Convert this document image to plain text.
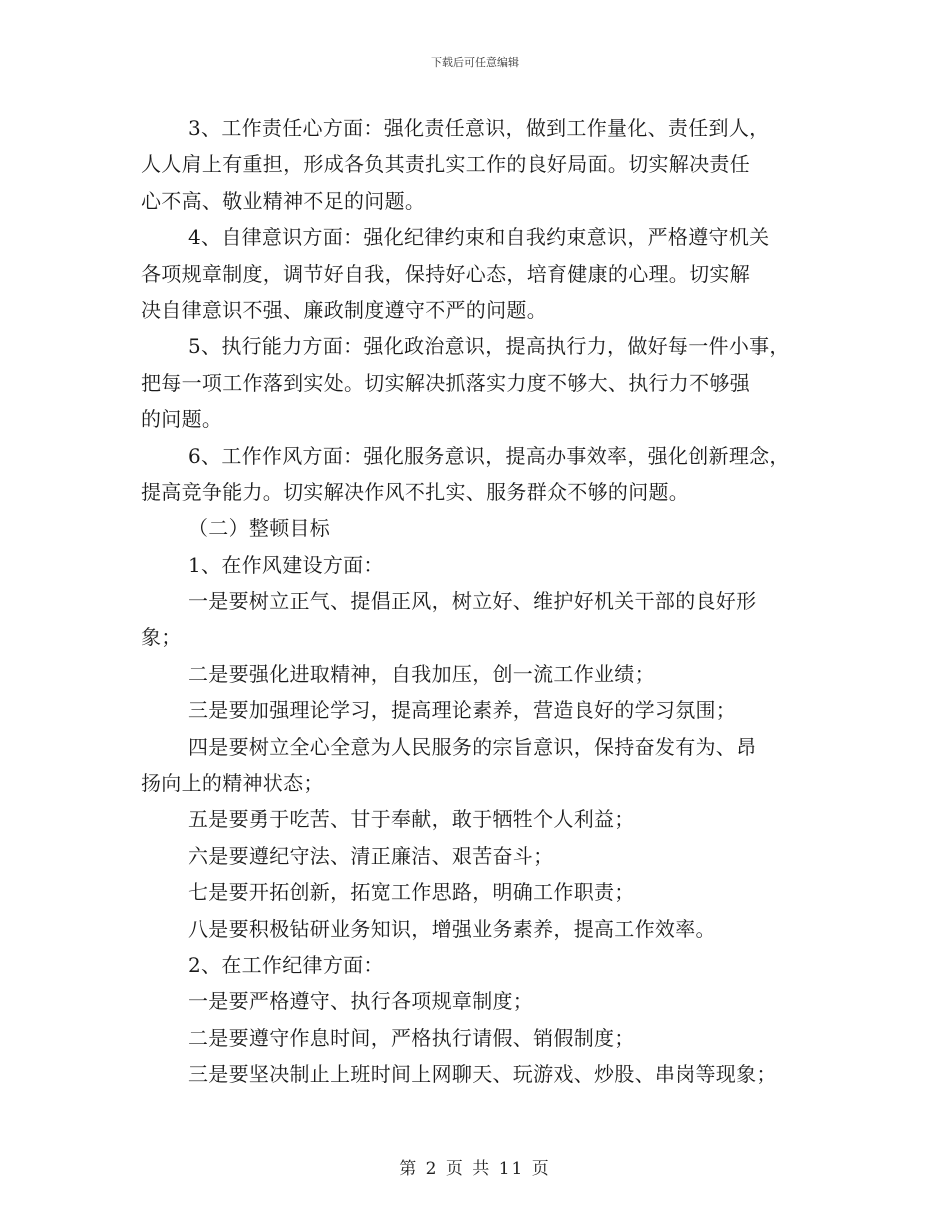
下载后可任意编辑
3、工作责任心方面：强化责任意识，做到工作量化、责任到人，
人人肩上有重担，形成各负其责扎实工作的良好局面。切实解决责任
心不高、敬业精神不足的问题。
4、自律意识方面：强化纪律约束和自我约束意识，严格遵守机关
各项规章制度，调节好自我，保持好心态，培育健康的心理。切实解
决自律意识不强、廉政制度遵守不严的问题。
5、执行能力方面：强化政治意识，提高执行力，做好每一件小事，
把每一项工作落到实处。切实解决抓落实力度不够大、执行力不够强
的问题。
6、工作作风方面：强化服务意识，提高办事效率，强化创新理念，
提高竞争能力。切实解决作风不扎实、服务群众不够的问题。
（二）整顿目标
1、在作风建设方面：
一是要树立正气、提倡正风，树立好、维护好机关干部的良好形
象；
二是要强化进取精神，自我加压，创一流工作业绩；
三是要加强理论学习，提高理论素养，营造良好的学习氛围；
四是要树立全心全意为人民服务的宗旨意识，保持奋发有为、昂
扬向上的精神状态；
五是要勇于吃苦、甘于奉献，敢于牺牲个人利益；
六是要遵纪守法、清正廉洁、艰苦奋斗；
七是要开拓创新，拓宽工作思路，明确工作职责；
八是要积极钻研业务知识，增强业务素养，提高工作效率。
2、在工作纪律方面：
一是要严格遵守、执行各项规章制度；
二是要遵守作息时间，严格执行请假、销假制度；
三是要坚决制止上班时间上网聊天、玩游戏、炒股、串岗等现象；
第 2 页 共 11 页
